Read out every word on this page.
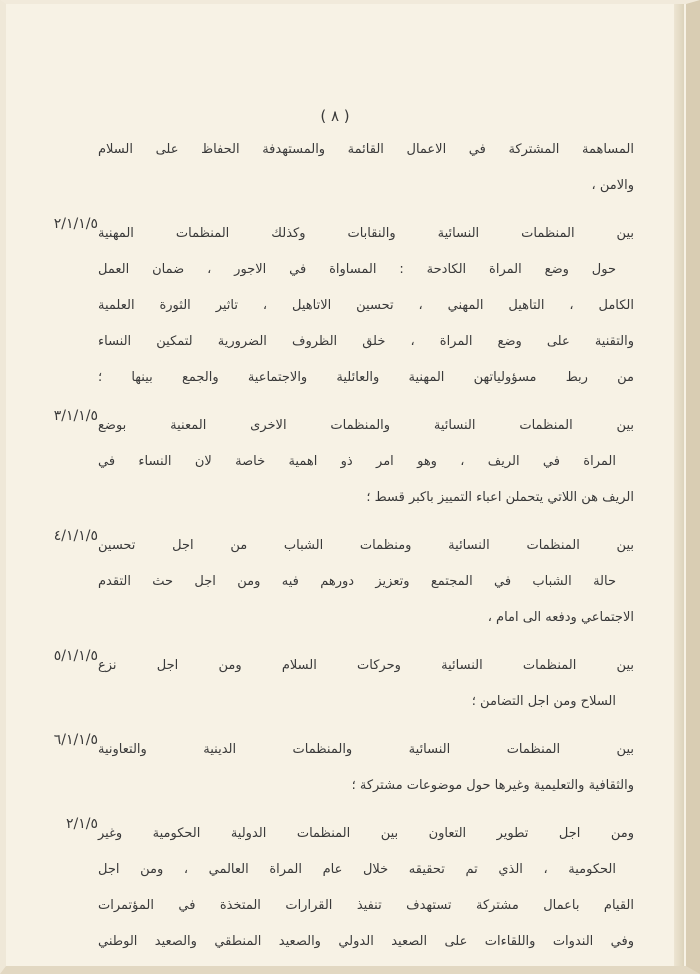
( ٨ )
المساهمة المشتركة في الاعمال القائمة والمستهدفة الحفاظ على السلام
والامن ،
بين المنظمات النسائية والنقابات وكذلك المنظمات المهنية
حول وضع المراة الكادحة : المساواة في الاجور ، ضمان العمل
الكامل ، التاهيل المهني ، تحسين الاتاهيل ، تاثير الثورة العلمية
والتقنية على وضع المراة ، خلق الظروف الضرورية لتمكين النساء
من ربط مسؤولياتهن المهنية والعائلية والاجتماعية والجمع بينها ؛
٢/١/١/٥
بين المنظمات النسائية والمنظمات الاخرى المعنية بوضع
المراة في الريف ، وهو امر ذو اهمية خاصة لان النساء في
الريف هن اللاتي يتحملن اعباء التمييز باكبر قسط ؛
٣/١/١/٥
بين المنظمات النسائية ومنظمات الشباب من اجل تحسين
حالة الشباب في المجتمع وتعزيز دورهم فيه ومن اجل حث التقدم
الاجتماعي ودفعه الى امام ،
٤/١/١/٥
بين المنظمات النسائية وحركات السلام ومن اجل نزع
السلاح ومن اجل التضامن ؛
٥/١/١/٥
بين المنظمات النسائية والمنظمات الدينية والتعاونية
والثقافية والتعليمية وغيرها حول موضوعات مشتركة ؛
٦/١/١/٥
ومن اجل تطوير التعاون بين المنظمات الدولية الحكومية وغير
الحكومية ، الذي تم تحقيقه خلال عام المراة العالمي ، ومن اجل
القيام باعمال مشتركة تستهدف تنفيذ القرارات المتخذة في المؤتمرات
وفي الندوات واللقاءات على الصعيد الدولي والصعيد المنطقي والصعيد الوطني
٢/١/٥
